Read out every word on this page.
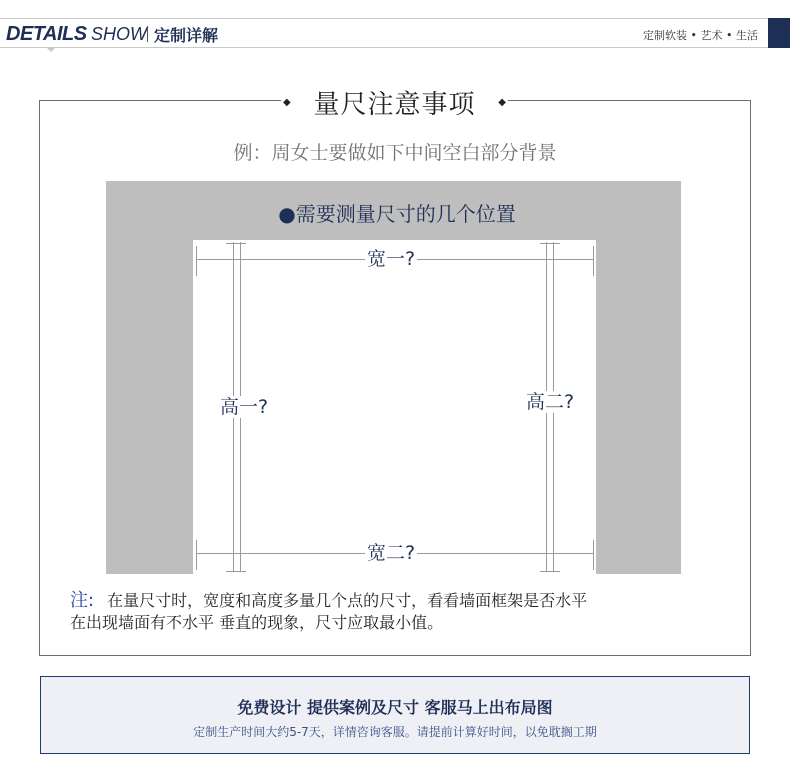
DETAILS SHOW 定制详解	定制软装 • 艺术 • 生活
◆ 量尺注意事项 ◆
例：周女士要做如下中间空白部分背景
●需要测量尺寸的几个位置
宽一?
宽二?
高一?	高二?
注: 在量尺寸时，宽度和高度多量几个点的尺寸，看看墙面框架是否水平
在出现墙面有不水平 垂直的现象，尺寸应取最小值。
免费设计 提供案例及尺寸 客服马上出布局图
定制生产时间大约5-7天，详情咨询客服。请提前计算好时间，以免耽搁工期
